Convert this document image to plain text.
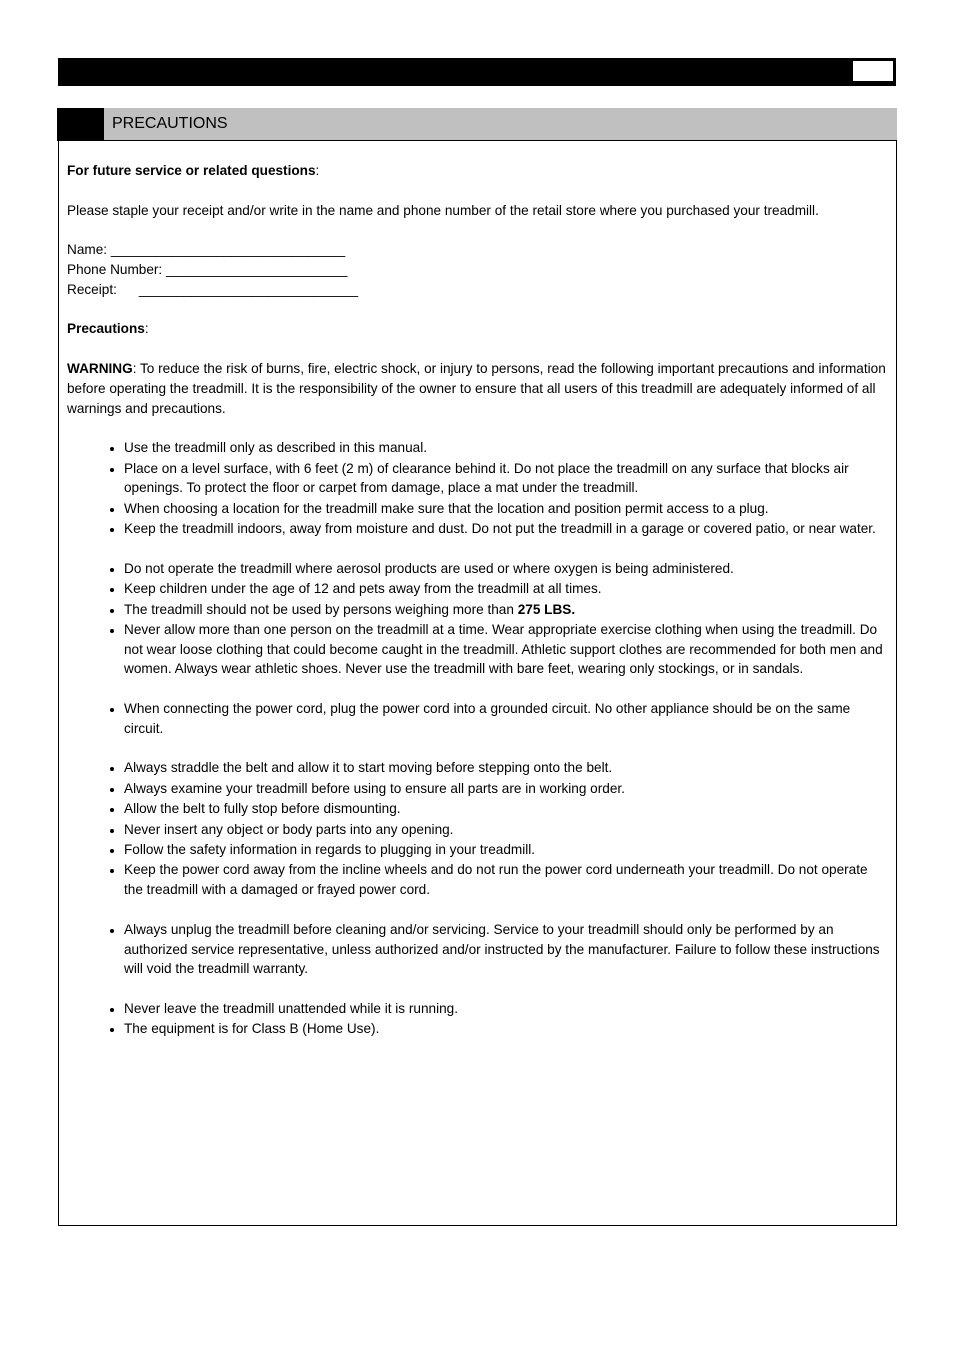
PRECAUTIONS

For future service or related questions:

Please staple your receipt and/or write in the name and phone number of the retail store where you purchased your treadmill.

Name: _______________________________

Phone Number: ________________________

Receipt: _____________________________

Precautions:

WARNING: To reduce the risk of burns, fire, electric shock, or injury to persons, read the following important precautions and information before operating the treadmill. It is the responsibility of the owner to ensure that all users of this treadmill are adequately informed of all warnings and precautions.

• Use the treadmill only as described in this manual.
• Place on a level surface, with 6 feet (2 m) of clearance behind it. Do not place the treadmill on any surface that blocks air openings. To protect the floor or carpet from damage, place a mat under the treadmill.
• When choosing a location for the treadmill make sure that the location and position permit access to a plug.
• Keep the treadmill indoors, away from moisture and dust. Do not put the treadmill in a garage or covered patio, or near water.
• Do not operate the treadmill where aerosol products are used or where oxygen is being administered.
• Keep children under the age of 12 and pets away from the treadmill at all times.
• The treadmill should not be used by persons weighing more than 275 LBS.
• Never allow more than one person on the treadmill at a time. Wear appropriate exercise clothing when using the treadmill. Do not wear loose clothing that could become caught in the treadmill. Athletic support clothes are recommended for both men and women. Always wear athletic shoes. Never use the treadmill with bare feet, wearing only stockings, or in sandals.
• When connecting the power cord, plug the power cord into a grounded circuit. No other appliance should be on the same circuit.
• Always straddle the belt and allow it to start moving before stepping onto the belt.
• Always examine your treadmill before using to ensure all parts are in working order.
• Allow the belt to fully stop before dismounting.
• Never insert any object or body parts into any opening.
• Follow the safety information in regards to plugging in your treadmill.
• Keep the power cord away from the incline wheels and do not run the power cord underneath your treadmill. Do not operate the treadmill with a damaged or frayed power cord.
• Always unplug the treadmill before cleaning and/or servicing. Service to your treadmill should only be performed by an authorized service representative, unless authorized and/or instructed by the manufacturer. Failure to follow these instructions will void the treadmill warranty.
• Never leave the treadmill unattended while it is running.
• The equipment is for Class B (Home Use).
